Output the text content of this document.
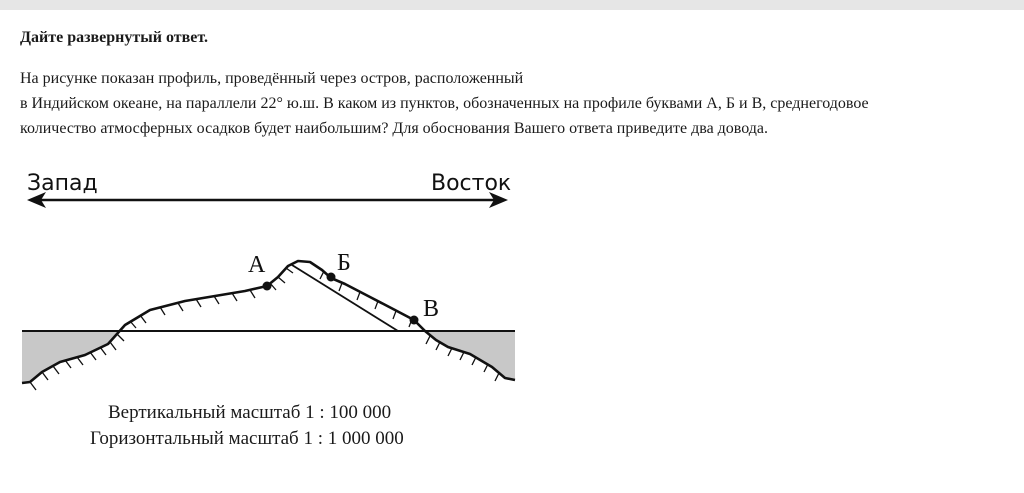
Дайте развернутый ответ.
На рисунке показан профиль, проведённый через остров, расположенный
в Индийском океане, на параллели 22° ю.ш. В каком из пунктов, обозначенных на профиле буквами А, Б и В, среднегодовое
количество атмосферных осадков будет наибольшим? Для обоснования Вашего ответа приведите два довода.
Запад	Восток
А	Б
В
Вертикальный масштаб 1 : 100 000
Горизонтальный масштаб 1 : 1 000 000
